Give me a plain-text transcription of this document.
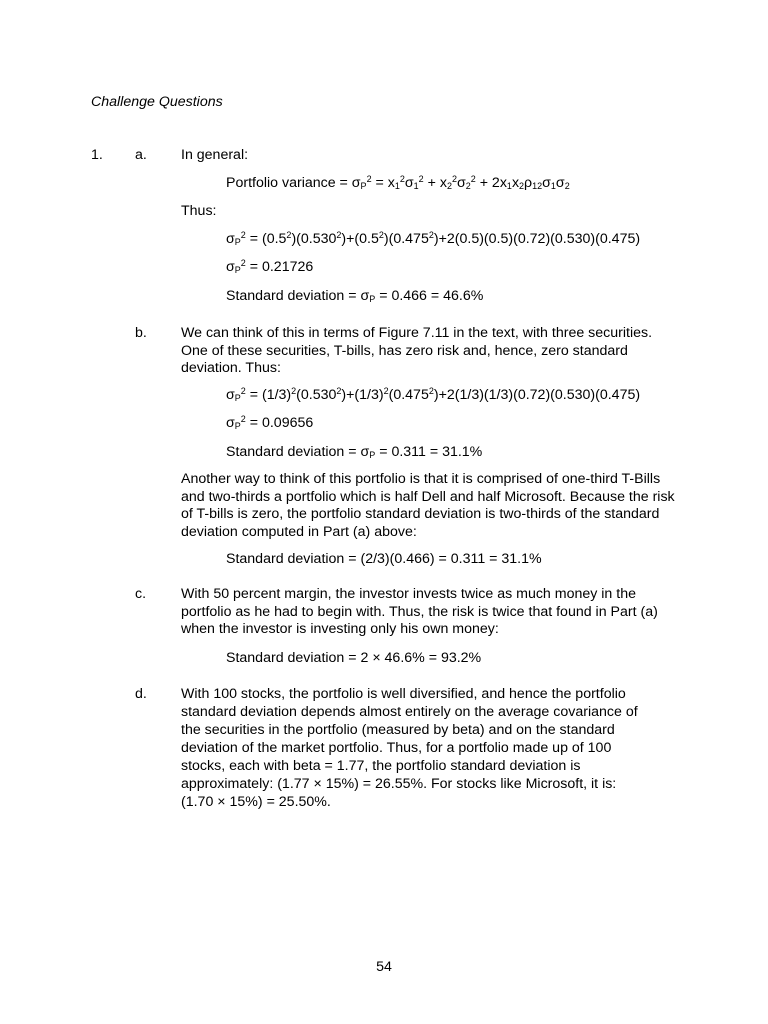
Challenge Questions
1. a. In general:
Portfolio variance = $\sigma_P^2 = x_1^2\sigma_1^2 + x_2^2\sigma_2^2 + 2x_1x_2\rho_{12}\sigma_1\sigma_2$
Thus:
$\sigma_P^2 = (0.5^2)(0.530^2)+(0.5^2)(0.475^2)+2(0.5)(0.5)(0.72)(0.530)(0.475)$
$\sigma_P^2 = 0.21726$
Standard deviation = $\sigma_P = 0.466 = 46.6\%$
b. We can think of this in terms of Figure 7.11 in the text, with three securities. One of these securities, T-bills, has zero risk and, hence, zero standard deviation. Thus:
$\sigma_P^2 = (1/3)^2(0.530^2)+(1/3)^2(0.475^2)+2(1/3)(1/3)(0.72)(0.530)(0.475)$
$\sigma_P^2 = 0.09656$
Standard deviation = $\sigma_P = 0.311 = 31.1\%$
Another way to think of this portfolio is that it is comprised of one-third T-Bills and two-thirds a portfolio which is half Dell and half Microsoft. Because the risk of T-bills is zero, the portfolio standard deviation is two-thirds of the standard deviation computed in Part (a) above:
Standard deviation = (2/3)(0.466) = 0.311 = 31.1%
c. With 50 percent margin, the investor invests twice as much money in the portfolio as he had to begin with. Thus, the risk is twice that found in Part (a) when the investor is investing only his own money:
Standard deviation = 2 × 46.6% = 93.2%
d. With 100 stocks, the portfolio is well diversified, and hence the portfolio
standard deviation depends almost entirely on the average covariance of
the securities in the portfolio (measured by beta) and on the standard
deviation of the market portfolio. Thus, for a portfolio made up of 100
stocks, each with beta = 1.77, the portfolio standard deviation is
approximately: (1.77 × 15%) = 26.55%. For stocks like Microsoft, it is:
(1.70 × 15%) = 25.50%.
54
